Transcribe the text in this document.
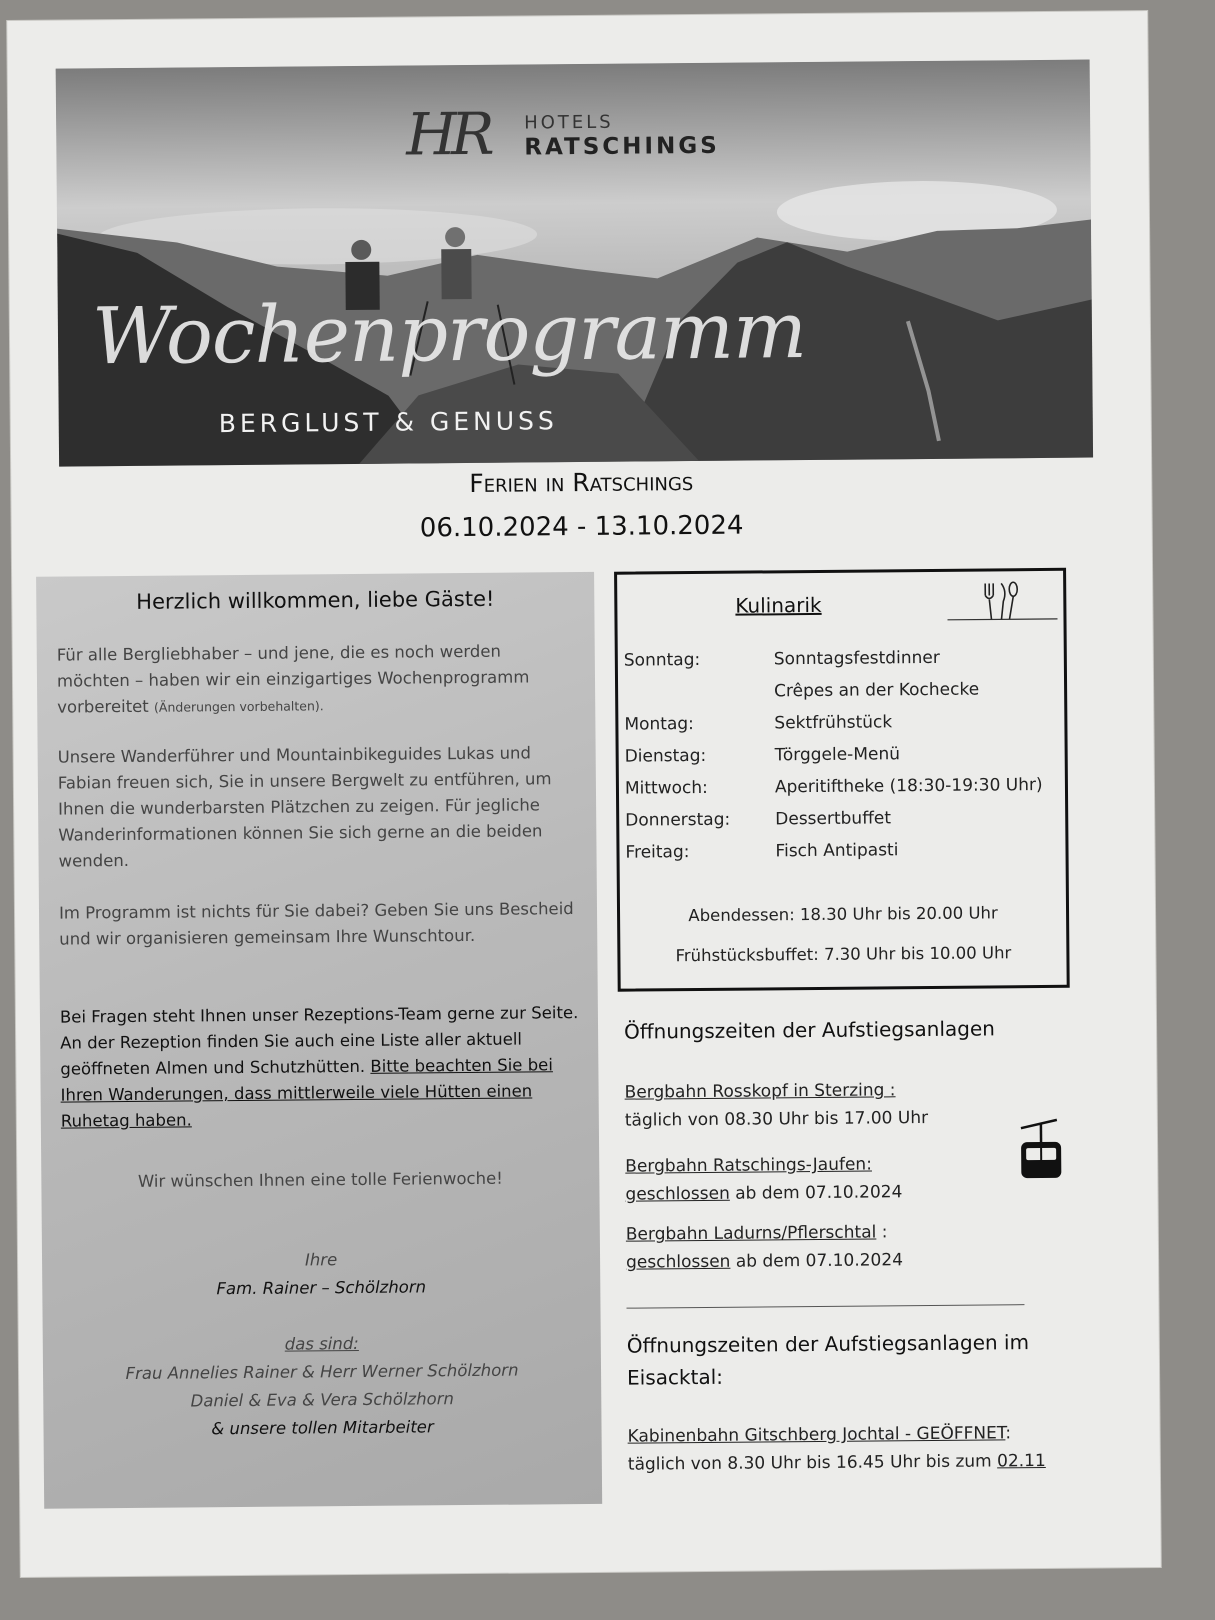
HR HOTELS
RATSCHINGS
Wochenprogramm
BERGLUST & GENUSS
Ferien in Ratschings
06.10.2024 - 13.10.2024
Herzlich willkommen, liebe Gäste!

Für alle Bergliebhaber – und jene, die es noch werden möchten – haben wir ein einzigartiges Wochenprogramm vorbereitet (Änderungen vorbehalten).

Unsere Wanderführer und Mountainbikeguides Lukas und Fabian freuen sich, Sie in unsere Bergwelt zu entführen, um Ihnen die wunderbarsten Plätzchen zu zeigen. Für jegliche Wanderinformationen können Sie sich gerne an die beiden wenden.

Im Programm ist nichts für Sie dabei? Geben Sie uns Bescheid und wir organisieren gemeinsam Ihre Wunschtour.

Bei Fragen steht Ihnen unser Rezeptions-Team gerne zur Seite. An der Rezeption finden Sie auch eine Liste aller aktuell geöffneten Almen und Schutzhütten. Bitte beachten Sie bei Ihren Wanderungen, dass mittlerweile viele Hütten einen Ruhetag haben.

Wir wünschen Ihnen eine tolle Ferienwoche!
Ihre
Fam. Rainer – Schölzhorn
das sind:
Frau Annelies Rainer & Herr Werner Schölzhorn
Daniel & Eva & Vera Schölzhorn
& unsere tollen Mitarbeiter
Kulinarik
Sonntag:	Sonntagsfestdinner
Crêpes an der Kochecke
Montag:	Sektfrühstück
Dienstag:	Törggele-Menü
Mittwoch:	Aperitiftheke (18:30-19:30 Uhr)
Donnerstag:	Dessertbuffet
Freitag:	Fisch Antipasti
Abendessen: 18.30 Uhr bis 20.00 Uhr
Frühstücksbuffet: 7.30 Uhr bis 10.00 Uhr
Öffnungszeiten der Aufstiegsanlagen
Bergbahn Rosskopf in Sterzing :
täglich von 08.30 Uhr bis 17.00 Uhr
Bergbahn Ratschings-Jaufen:
geschlossen ab dem 07.10.2024
Bergbahn Ladurns/Pflerschtal :
geschlossen ab dem 07.10.2024
Öffnungszeiten der Aufstiegsanlagen im
Eisacktal:
Kabinenbahn Gitschberg Jochtal - GEÖFFNET:
täglich von 8.30 Uhr bis 16.45 Uhr bis zum 02.11
